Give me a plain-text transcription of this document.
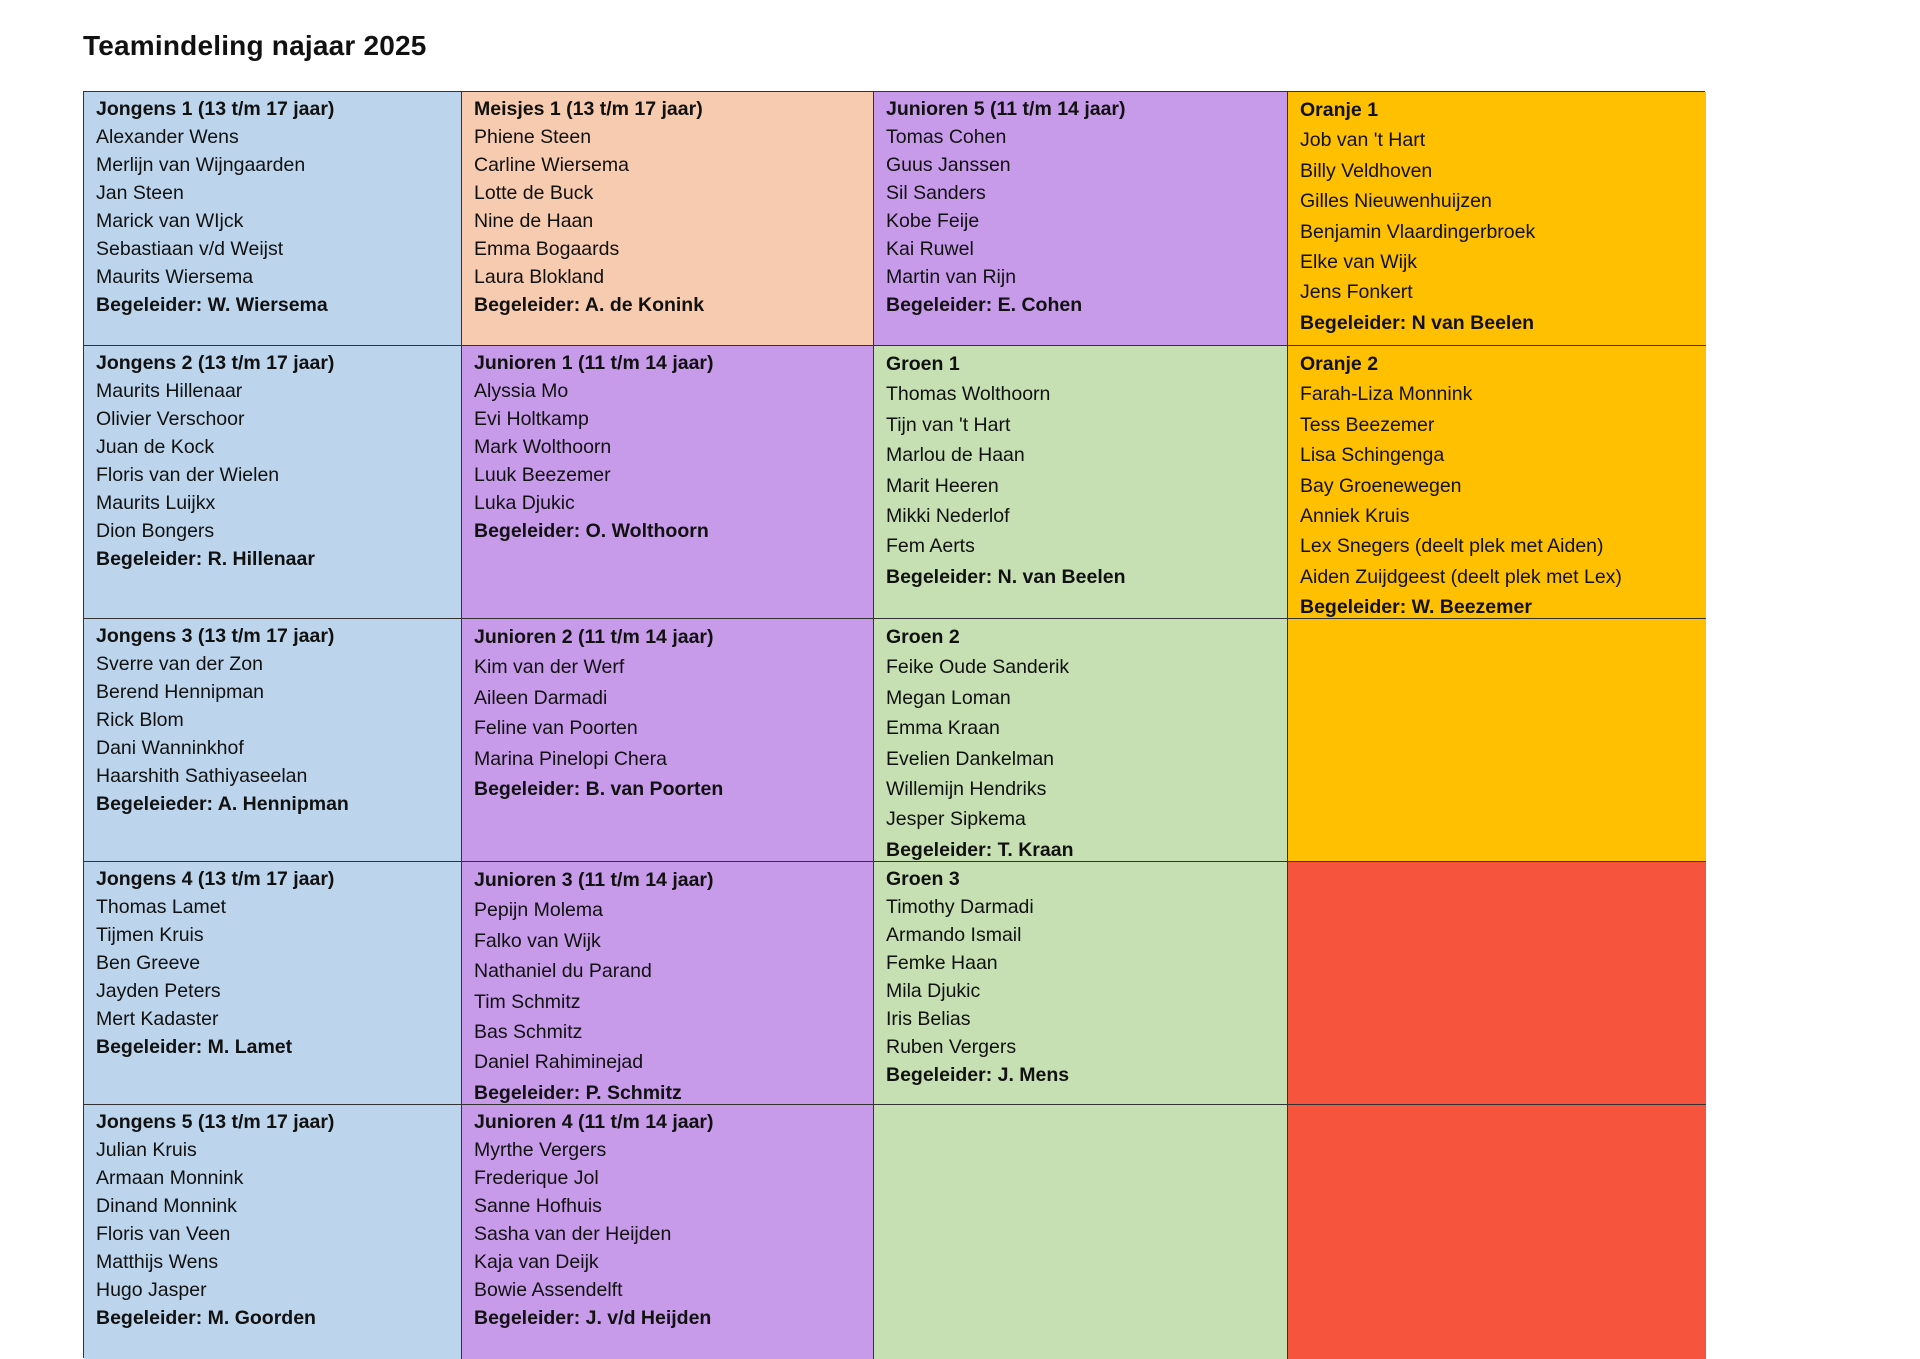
Teamindeling najaar 2025
Jongens 1 (13 t/m 17 jaar)
Alexander Wens
Merlijn van Wijngaarden
Jan Steen
Marick van WIjck
Sebastiaan v/d Weijst
Maurits Wiersema
Begeleider: W. Wiersema
Meisjes 1 (13 t/m 17 jaar)
Phiene Steen
Carline Wiersema
Lotte de Buck
Nine de Haan
Emma Bogaards
Laura Blokland
Begeleider: A. de Konink
Junioren 5 (11 t/m 14 jaar)
Tomas Cohen
Guus Janssen
Sil Sanders
Kobe Feije
Kai Ruwel
Martin van Rijn
Begeleider: E. Cohen
Oranje 1
Job van 't Hart
Billy Veldhoven
Gilles Nieuwenhuijzen
Benjamin Vlaardingerbroek
Elke van Wijk
Jens Fonkert
Begeleider: N van Beelen
Jongens 2 (13 t/m 17 jaar)
Maurits Hillenaar
Olivier Verschoor
Juan de Kock
Floris van der Wielen
Maurits Luijkx
Dion Bongers
Begeleider: R. Hillenaar
Junioren 1 (11 t/m 14 jaar)
Alyssia Mo
Evi Holtkamp
Mark Wolthoorn
Luuk Beezemer
Luka Djukic
Begeleider: O. Wolthoorn
Groen 1
Thomas Wolthoorn
Tijn van 't Hart
Marlou de Haan
Marit Heeren
Mikki Nederlof
Fem Aerts
Begeleider: N. van Beelen
Oranje 2
Farah-Liza Monnink
Tess Beezemer
Lisa Schingenga
Bay Groenewegen
Anniek Kruis
Lex Snegers (deelt plek met Aiden)
Aiden Zuijdgeest (deelt plek met Lex)
Begeleider: W. Beezemer
Jongens 3 (13 t/m 17 jaar)
Sverre van der Zon
Berend Hennipman
Rick Blom
Dani Wanninkhof
Haarshith Sathiyaseelan
Begeleieder: A. Hennipman
Junioren 2 (11 t/m 14 jaar)
Kim van der Werf
Aileen Darmadi
Feline van Poorten
Marina Pinelopi Chera
Begeleider: B. van Poorten
Groen 2
Feike Oude Sanderik
Megan Loman
Emma Kraan
Evelien Dankelman
Willemijn Hendriks
Jesper Sipkema
Begeleider: T. Kraan
Jongens 4 (13 t/m 17 jaar)
Thomas Lamet
Tijmen Kruis
Ben Greeve
Jayden Peters
Mert Kadaster
Begeleider: M. Lamet
Junioren 3 (11 t/m 14 jaar)
Pepijn Molema
Falko van Wijk
Nathaniel du Parand
Tim Schmitz
Bas Schmitz
Daniel Rahiminejad
Begeleider: P. Schmitz
Groen 3
Timothy Darmadi
Armando Ismail
Femke Haan
Mila Djukic
Iris Belias
Ruben Vergers
Begeleider: J. Mens
Jongens 5 (13 t/m 17 jaar)
Julian Kruis
Armaan Monnink
Dinand Monnink
Floris van Veen
Matthijs Wens
Hugo Jasper
Begeleider: M. Goorden
Junioren 4 (11 t/m 14 jaar)
Myrthe Vergers
Frederique Jol
Sanne Hofhuis
Sasha van der Heijden
Kaja van Deijk
Bowie Assendelft
Begeleider: J. v/d Heijden
